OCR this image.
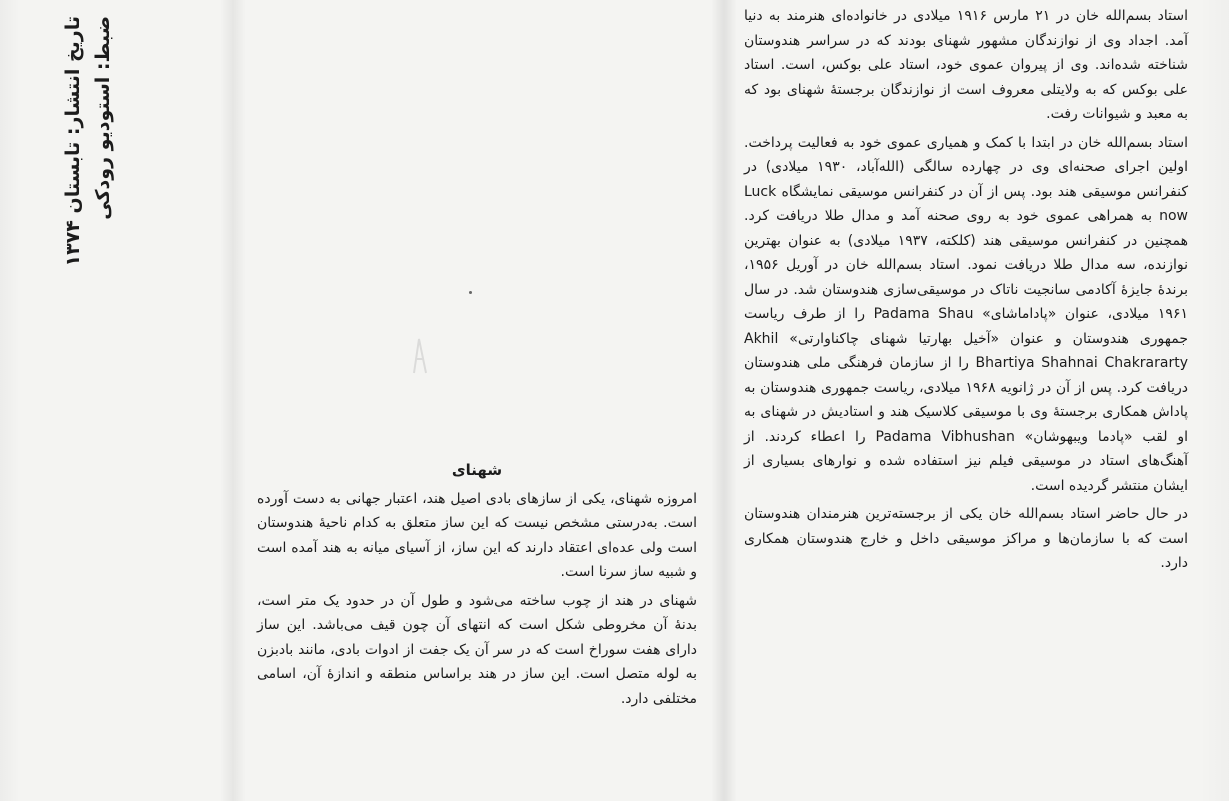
تاریخ انتشار: تابستان ۱۳۷۴ ضبط: استودیو رودکی

شهنای

امروزه شهنای، یکی از سازهای بادی اصیل هند، اعتبار جهانی به دست آورده است. به‌درستی مشخص نیست که این ساز متعلق به کدام ناحیهٔ هندوستان است ولی عده‌ای اعتقاد دارند که این ساز، از آسیای میانه به هند آمده است و شبیه ساز سرنا است.

شهنای در هند از چوب ساخته می‌شود و طول آن در حدود یک متر است، بدنهٔ آن مخروطی شکل است که انتهای آن چون قیف می‌باشد. این ساز دارای هفت سوراخ است که در سر آن یک جفت از ادوات بادی، مانند بادبزن به لوله متصل است. این ساز در هند براساس منطقه و اندازهٔ آن، اسامی مختلفی دارد.

استاد بسم‌الله خان در ۲۱ مارس ۱۹۱۶ میلادی در خانواده‌ای هنرمند به دنیا آمد. اجداد وی از نوازندگان مشهور شهنای بودند که در سراسر هندوستان شناخته شده‌اند. وی از پیروان عموی خود، استاد علی بوکس، است. استاد علی بوکس که به ولایتلی معروف است از نوازندگان برجستهٔ شهنای بود که به معبد و شیوانات رفت.

استاد بسم‌الله خان در ابتدا با کمک و همیاری عموی خود به فعالیت پرداخت. اولین اجرای صحنه‌ای وی در چهارده سالگی (الله‌آباد، ۱۹۳۰ میلادی) در کنفرانس موسیقی هند بود. پس از آن در کنفرانس موسیقی نمایشگاه Luck now به همراهی عموی خود به روی صحنه آمد و مدال طلا دریافت کرد. همچنین در کنفرانس موسیقی هند (کلکته، ۱۹۳۷ میلادی) به عنوان بهترین نوازنده، سه مدال طلا دریافت نمود. استاد بسم‌الله خان در آوریل ۱۹۵۶، برندهٔ جایزهٔ آکادمی سانجیت ناتاک در موسیقی‌سازی هندوستان شد. در سال ۱۹۶۱ میلادی، عنوان «پاداماشای» Padama Shau را از طرف ریاست جمهوری هندوستان و عنوان «آخیل بهارتیا شهنای چاکناوارتی» Akhil Bhartiya Shahnai Chakrararty را از سازمان فرهنگی ملی هندوستان دریافت کرد. پس از آن در ژانویه ۱۹۶۸ میلادی، ریاست جمهوری هندوستان به پاداش همکاری برجستهٔ وی با موسیقی کلاسیک هند و استادیش در شهنای به او لقب «پادما ویبهوشان» Padama Vibhushan را اعطاء کردند. از آهنگ‌های استاد در موسیقی فیلم نیز استفاده شده و نوارهای بسیاری از ایشان منتشر گردیده است.

در حال حاضر استاد بسم‌الله خان یکی از برجسته‌ترین هنرمندان هندوستان است که با سازمان‌ها و مراکز موسیقی داخل و خارج هندوستان همکاری دارد.
